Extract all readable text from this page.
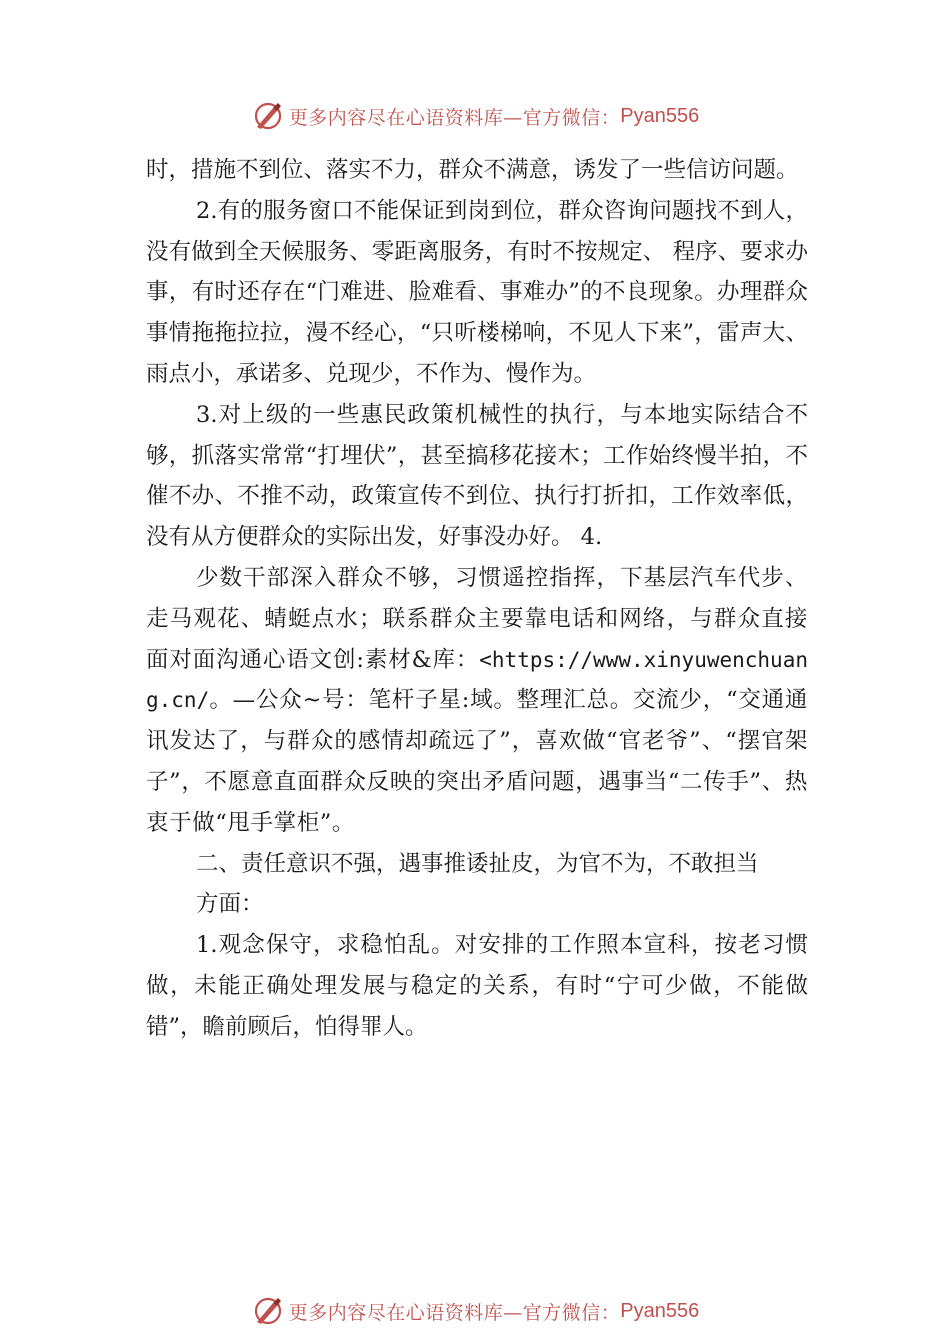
更多内容尽在心语资料库—官方微信： Pyan556

时，措施不到位、落实不力，群众不满意，诱发了一些信访问题。

2.有的服务窗口不能保证到岗到位，群众咨询问题找不到人，没有做到全天候服务、零距离服务，有时不按规定、 程序、要求办事，有时还存在“门难进、脸难看、事难办”的不良现象。办理群众事情拖拖拉拉，漫不经心，“只听楼梯响，不见人下来”，雷声大、雨点小，承诺多、兑现少，不作为、慢作为。

3.对上级的一些惠民政策机械性的执行，与本地实际结合不够，抓落实常常“打埋伏”，甚至搞移花接木；工作始终慢半拍，不催不办、不推不动，政策宣传不到位、执行打折扣，工作效率低，没有从方便群众的实际出发，好事没办好。 4.

少数干部深入群众不够，习惯遥控指挥，下基层汽车代步、走马观花、蜻蜓点水；联系群众主要靠电话和网络，与群众直接面对面沟通心语文创:素材&库：<https://www.xinyuwenchuang.cn/。—公众~号：笔杆子星:域。整理汇总。交流少，“交通通讯发达了，与群众的感情却疏远了”，喜欢做“官老爷”、“摆官架子”，不愿意直面群众反映的突出矛盾问题，遇事当“二传手”、热衷于做“甩手掌柜”。

二、责任意识不强，遇事推诿扯皮，为官不为，不敢担当

方面：

1.观念保守，求稳怕乱。对安排的工作照本宣科，按老习惯做，未能正确处理发展与稳定的关系，有时“宁可少做，不能做错”，瞻前顾后，怕得罪人。

更多内容尽在心语资料库—官方微信： Pyan556
